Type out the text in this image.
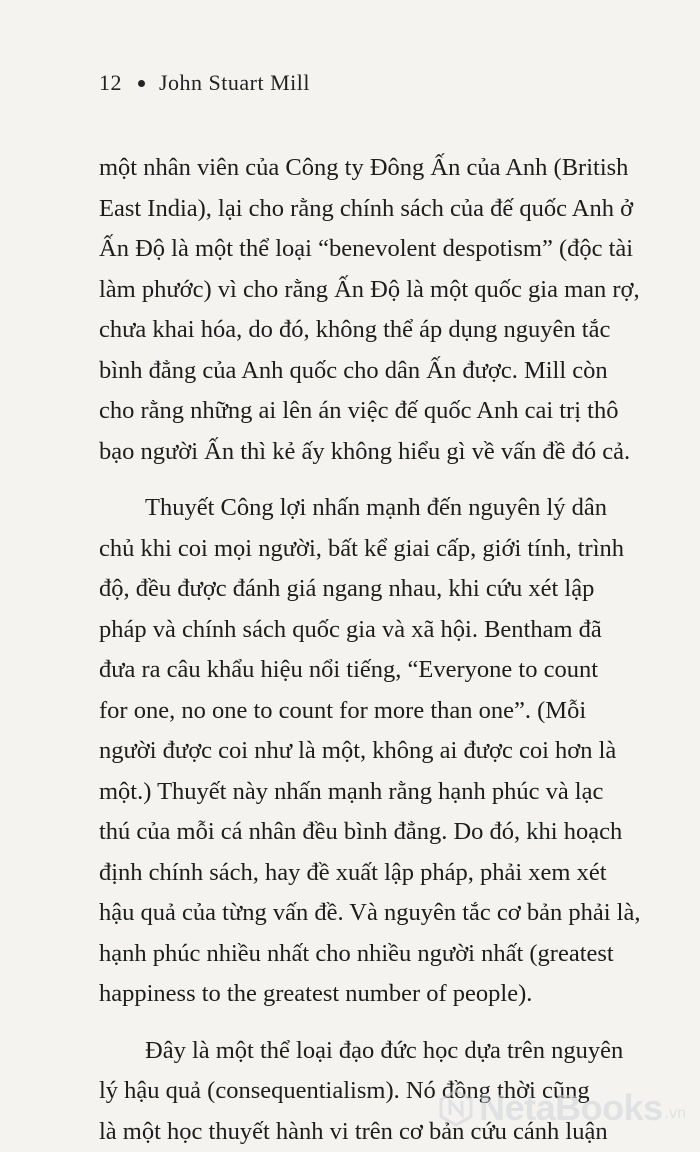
12 John Stuart Mill

một nhân viên của Công ty Đông Ấn của Anh (British
East India), lại cho rằng chính sách của đế quốc Anh ở
Ấn Độ là một thể loại “benevolent despotism” (độc tài
làm phước) vì cho rằng Ấn Độ là một quốc gia man rợ,
chưa khai hóa, do đó, không thể áp dụng nguyên tắc
bình đẳng của Anh quốc cho dân Ấn được. Mill còn
cho rằng những ai lên án việc đế quốc Anh cai trị thô
bạo người Ấn thì kẻ ấy không hiểu gì về vấn đề đó cả.

Thuyết Công lợi nhấn mạnh đến nguyên lý dân
chủ khi coi mọi người, bất kể giai cấp, giới tính, trình
độ, đều được đánh giá ngang nhau, khi cứu xét lập
pháp và chính sách quốc gia và xã hội. Bentham đã
đưa ra câu khẩu hiệu nổi tiếng, “Everyone to count
for one, no one to count for more than one”. (Mỗi
người được coi như là một, không ai được coi hơn là
một.) Thuyết này nhấn mạnh rằng hạnh phúc và lạc
thú của mỗi cá nhân đều bình đẳng. Do đó, khi hoạch
định chính sách, hay đề xuất lập pháp, phải xem xét
hậu quả của từng vấn đề. Và nguyên tắc cơ bản phải là,
hạnh phúc nhiều nhất cho nhiều người nhất (greatest
happiness to the greatest number of people).

Đây là một thể loại đạo đức học dựa trên nguyên
lý hậu quả (consequentialism). Nó đồng thời cũng
là một học thuyết hành vi trên cơ bản cứu cánh luận

NetaBooks .vn
